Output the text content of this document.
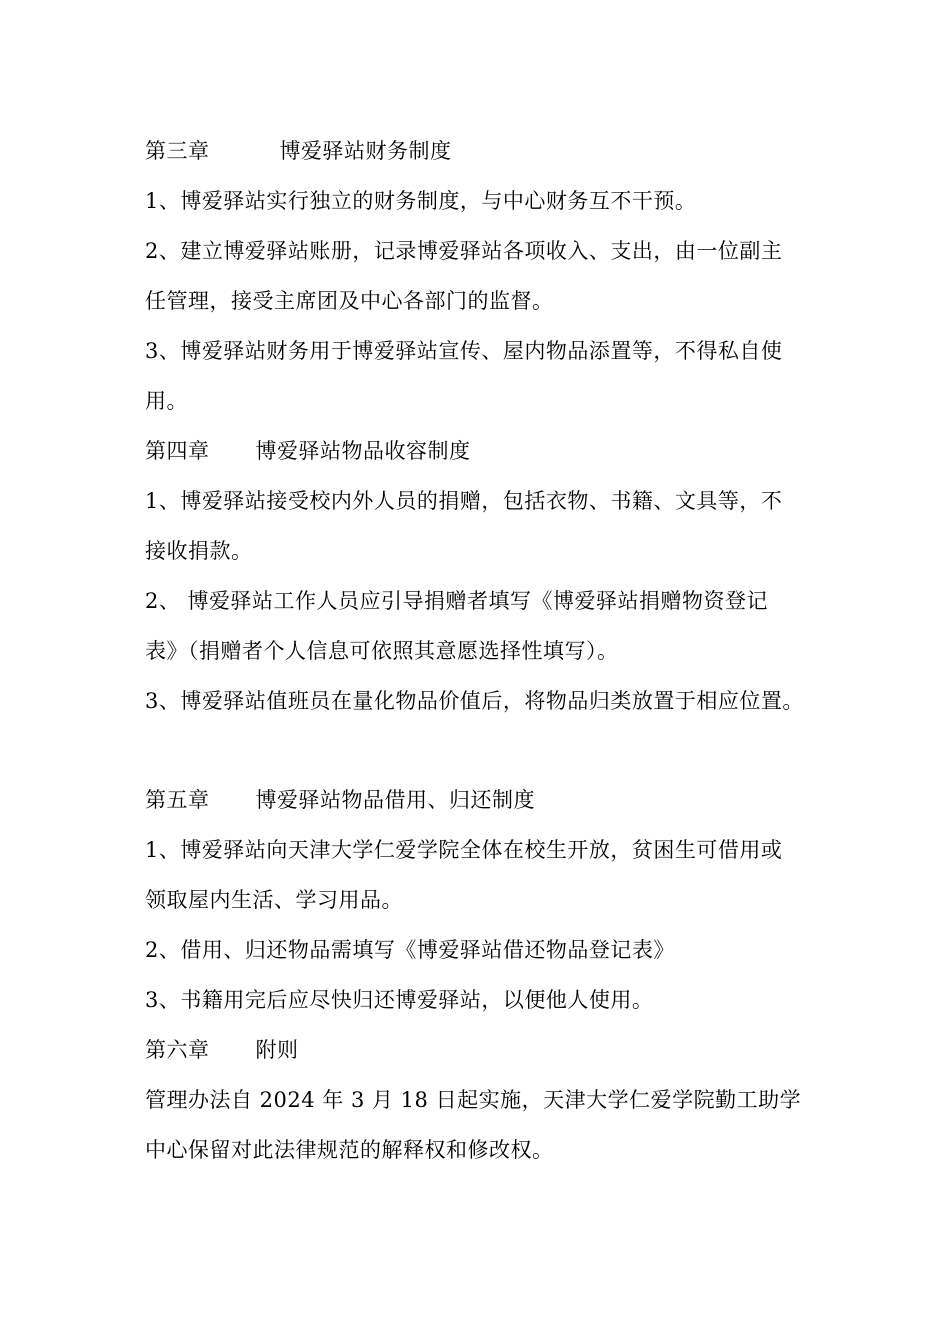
第三章	博爱驿站财务制度
1、博爱驿站实行独立的财务制度，与中心财务互不干预。
2、建立博爱驿站账册，记录博爱驿站各项收入、支出，由一位副主
任管理，接受主席团及中心各部门的监督。
3、博爱驿站财务用于博爱驿站宣传、屋内物品添置等，不得私自使
用。
第四章 博爱驿站物品收容制度
1、博爱驿站接受校内外人员的捐赠，包括衣物、书籍、文具等，不
接收捐款。
2、 博爱驿站工作人员应引导捐赠者填写《博爱驿站捐赠物资登记
表》（捐赠者个人信息可依照其意愿选择性填写）。
3、博爱驿站值班员在量化物品价值后，将物品归类放置于相应位置。
第五章 博爱驿站物品借用、归还制度
1、博爱驿站向天津大学仁爱学院全体在校生开放，贫困生可借用或
领取屋内生活、学习用品。
2、借用、归还物品需填写《博爱驿站借还物品登记表》
3、书籍用完后应尽快归还博爱驿站，以便他人使用。
第六章 附则
管理办法自 2024 年 3 月 18 日起实施，天津大学仁爱学院勤工助学
中心保留对此法律规范的解释权和修改权。
